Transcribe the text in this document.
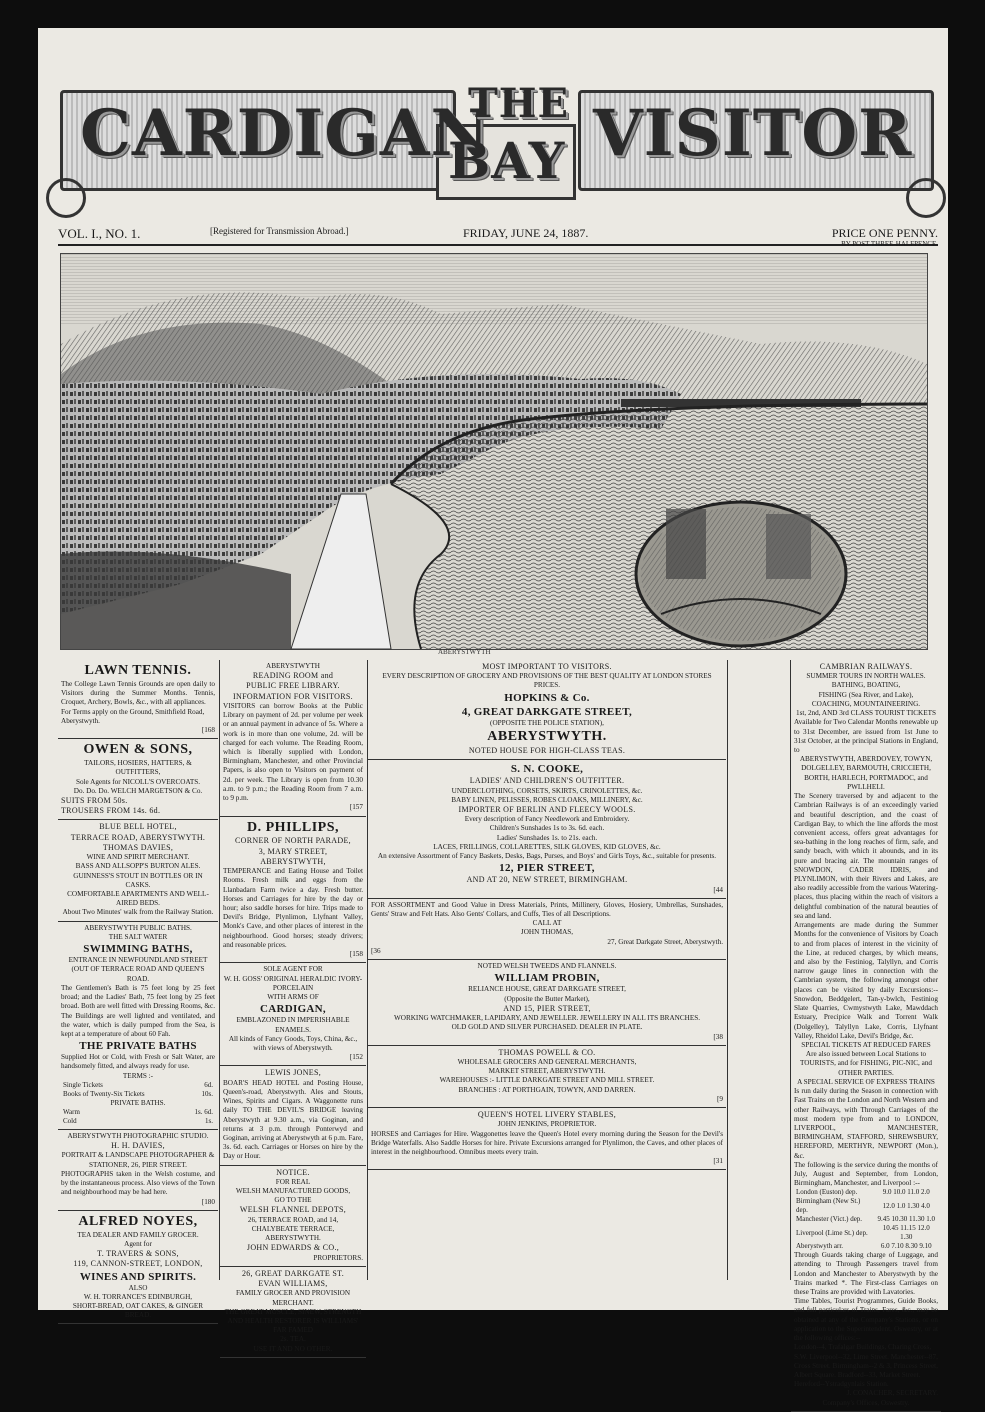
CARDIGAN
THE
BAY VISITOR
VOL. I., NO. 1.	[Registered for Transmission Abroad.]	FRIDAY, JUNE 24, 1887.	PRICE ONE PENNY.
BY POST THREE-HALFPENCE.
ABERYSTWYTH
LAWN TENNIS.

The College Lawn Tennis Grounds are open daily to Visitors during the Summer Months. Tennis, Croquet, Archery, Bowls, &c., with all appliances.

For Terms apply on the Ground, Smithfield Road, Aberystwyth.

[168

OWEN & SONS,

TAILORS, HOSIERS, HATTERS, & OUTFITTERS,

Sole Agents for NICOLL'S OVERCOATS.

Do. Do. Do. WELCH MARGETSON & Co.

SUITS FROM 50s.

TROUSERS FROM 14s. 6d.

BLUE BELL HOTEL,

TERRACE ROAD, ABERYSTWYTH.

THOMAS DAVIES,

WINE AND SPIRIT MERCHANT.

BASS AND ALLSOPP'S BURTON ALES. GUINNESS'S STOUT IN BOTTLES OR IN CASKS.

COMFORTABLE APARTMENTS AND WELL-AIRED BEDS.

About Two Minutes' walk from the Railway Station.

ABERYSTWYTH PUBLIC BATHS.

THE SALT WATER

SWIMMING BATHS,

ENTRANCE IN NEWFOUNDLAND STREET (OUT OF TERRACE ROAD AND QUEEN'S ROAD.

The Gentlemen's Bath is 75 feet long by 25 feet broad; and the Ladies' Bath, 75 feet long by 25 feet broad. Both are well fitted with Dressing Rooms, &c. The Buildings are well lighted and ventilated, and the water, which is daily pumped from the Sea, is kept at a temperature of about 60 Fah.

THE PRIVATE BATHS

Supplied Hot or Cold, with Fresh or Salt Water, are handsomely fitted, and always ready for use.

TERMS :-

Single Tickets	6d.
Books of Twenty-Six Tickets	10s.

PRIVATE BATHS.

Warm	1s. 6d.
Cold	1s.

ABERYSTWYTH PHOTOGRAPHIC STUDIO.

H. H. DAVIES,

PORTRAIT & LANDSCAPE PHOTOGRAPHER & STATIONER, 26, PIER STREET.

PHOTOGRAPHS taken in the Welsh costume, and by the instantaneous process. Also views of the Town and neighbourhood may be had here.

[180

ALFRED NOYES,

TEA DEALER AND FAMILY GROCER.

Agent for

T. TRAVERS & SONS,

119, CANNON-STREET, LONDON,

WINES AND SPIRITS.

ALSO

W. H. TORRANCE'S EDINBURGH,

SHORT-BREAD, OAT CAKES, & GINGER BREAD.

ABERYSTWYTH

READING ROOM and

PUBLIC FREE LIBRARY.

INFORMATION FOR VISITORS.

VISITORS can borrow Books at the Public Library on payment of 2d. per volume per week or an annual payment in advance of 5s. Where a work is in more than one volume, 2d. will be charged for each volume. The Reading Room, which is liberally supplied with London, Birmingham, Manchester, and other Provincial Papers, is also open to Visitors on payment of 2d. per week. The Library is open from 10.30 a.m. to 9 p.m.; the Reading Room from 7 a.m. to 9 p.m.

[157

D. PHILLIPS,

CORNER OF NORTH PARADE,

3, MARY STREET,

ABERYSTWYTH,

TEMPERANCE and Eating House and Toilet Rooms. Fresh milk and eggs from the Llanbadarn Farm twice a day. Fresh butter. Horses and Carriages for hire by the day or hour; also saddle horses for hire. Trips made to Devil's Bridge, Plynlimon, Llyfnant Valley, Monk's Cave, and other places of interest in the neighbourhood. Good horses; steady drivers; and reasonable prices.

[158

SOLE AGENT FOR

W. H. GOSS' ORIGINAL HERALDIC IVORY-PORCELAIN

WITH ARMS OF

CARDIGAN,

EMBLAZONED IN IMPERISHABLE ENAMELS.

All kinds of Fancy Goods, Toys, China, &c., with views of Aberystwyth.

[152

LEWIS JONES,

BOAR'S HEAD HOTEL and Posting House, Queen's-road, Aberystwyth. Ales and Stouts, Wines, Spirits and Cigars. A Waggonette runs daily TO THE DEVIL'S BRIDGE leaving Aberystwyth at 9.30 a.m., via Goginan, and returns at 3 p.m. through Ponterwyd and Goginan, arriving at Aberystwyth at 6 p.m. Fare, 3s. 6d. each. Carriages or Horses on hire by the Day or Hour.

NOTICE.

FOR REAL

WELSH MANUFACTURED GOODS,

GO TO THE

WELSH FLANNEL DEPOTS,

26, TERRACE ROAD, and 14,

CHALYBEATE TERRACE,

ABERYSTWYTH.

JOHN EDWARDS & CO.,

PROPRIETORS.

26, GREAT DARKGATE ST.

EVAN WILLIAMS,

FAMILY GROCER AND PROVISION MERCHANT.

THE GREAT MUSCLE, SINEW, STRENGTH AND HEALTH RESTORER IS WILLIAMS' FAR FAMED

2s. TEA.

USE IT AND NO OTHER.

MOST IMPORTANT TO VISITORS.

EVERY DESCRIPTION OF GROCERY AND PROVISIONS OF THE BEST QUALITY AT LONDON STORES PRICES.

HOPKINS & Co.
4, GREAT DARKGATE STREET,

(OPPOSITE THE POLICE STATION),

ABERYSTWYTH.

NOTED HOUSE FOR HIGH-CLASS TEAS.

S. N. COOKE,

LADIES' AND CHILDREN'S OUTFITTER.

UNDERCLOTHING, CORSETS, SKIRTS, CRINOLETTES, &c.

BABY LINEN, PELISSES, ROBES CLOAKS, MILLINERY, &c.

IMPORTER OF BERLIN AND FLEECY WOOLS.

Every description of Fancy Needlework and Embroidery.

Children's Sunshades 1s to 3s. 6d. each.

Ladies' Sunshades 1s. to 21s. each.

LACES, FRILLINGS, COLLARETTES, SILK GLOVES, KID GLOVES, &c.

An extensive Assortment of Fancy Baskets, Desks, Bags, Purses, and Boys' and Girls Toys, &c., suitable for presents.

12, PIER STREET,

AND AT 20, NEW STREET, BIRMINGHAM.

[44

FOR ASSORTMENT and Good Value in Dress Materials, Prints, Millinery, Gloves, Hosiery, Umbrellas, Sunshades, Gents' Straw and Felt Hats. Also Gents' Collars, and Cuffs, Ties of all Descriptions.

CALL AT

JOHN THOMAS,

27, Great Darkgate Street, Aberystwyth.

[36

NOTED WELSH TWEEDS AND FLANNELS.

WILLIAM PROBIN,

RELIANCE HOUSE, GREAT DARKGATE STREET,

(Opposite the Butter Market),

AND 15, PIER STREET,

WORKING WATCHMAKER, LAPIDARY, AND JEWELLER. JEWELLERY IN ALL ITS BRANCHES.

OLD GOLD AND SILVER PURCHASED. DEALER IN PLATE.

[38

THOMAS POWELL & CO.

WHOLESALE GROCERS AND GENERAL MERCHANTS,

MARKET STREET, ABERYSTWYTH.

WAREHOUSES :- LITTLE DARKGATE STREET AND MILL STREET.

BRANCHES : AT PORTHGAIN, TOWYN, AND DARREN.

[9

QUEEN'S HOTEL LIVERY STABLES,

JOHN JENKINS, PROPRIETOR.

HORSES and Carriages for Hire. Waggonettes leave the Queen's Hotel every morning during the Season for the Devil's Bridge Waterfalls. Also Saddle Horses for hire. Private Excursions arranged for Plynlimon, the Caves, and other places of interest in the neighbourhood. Omnibus meets every train.

[31

CAMBRIAN RAILWAYS.

SUMMER TOURS IN NORTH WALES.

BATHING, BOATING,

FISHING (Sea River, and Lake),

COACHING, MOUNTAINEERING.

1st, 2nd, AND 3rd CLASS TOURIST TICKETS

Available for Two Calendar Months renewable up to 31st December, are issued from 1st June to 31st October, at the principal Stations in England, to

ABERYSTWYTH, ABERDOVEY, TOWYN, DOLGELLEY, BARMOUTH, CRICCIETH, BORTH, HARLECH, PORTMADOC, and PWLLHELI.

The Scenery traversed by and adjacent to the Cambrian Railways is of an exceedingly varied and beautiful description, and the coast of Cardigan Bay, to which the line affords the most convenient access, offers great advantages for sea-bathing in the long reaches of firm, safe, and sandy beach, with which it abounds, and in its pure and bracing air. The mountain ranges of SNOWDON, CADER IDRIS, and PLYNLIMON, with their Rivers and Lakes, are also readily accessible from the various Watering-places, thus placing within the reach of visitors a delightful combination of the natural beauties of sea and land.

Arrangements are made during the Summer Months for the convenience of Visitors by Coach to and from places of interest in the vicinity of the Line, at reduced charges, by which means, and also by the Festiniog, Talyllyn, and Corris narrow gauge lines in connection with the Cambrian system, the following amongst other places can be visited by daily Excursions:-- Snowdon, Beddgelert, Tan-y-bwlch, Festiniog Slate Quarries, Cwmystwyth Lake, Mawddach Estuary, Precipice Walk and Torrent Walk (Dolgelley), Talyllyn Lake, Corris, Llyfnant Valley, Rheidol Lake, Devil's Bridge, &c.

SPECIAL TICKETS AT REDUCED FARES

Are also issued between Local Stations to TOURISTS, and for FISHING, PIC-NIC, and OTHER PARTIES.

A SPECIAL SERVICE OF EXPRESS TRAINS

Is run daily during the Season in connection with Fast Trains on the London and North Western and other Railways, with Through Carriages of the most modern type from and to LONDON, LIVERPOOL, MANCHESTER, BIRMINGHAM, STAFFORD, SHREWSBURY, HEREFORD, MERTHYR, NEWPORT (Mon.), &c.

The following is the service during the months of July, August and September, from London, Birmingham, Manchester, and Liverpool :--

London (Euston) dep.	9.0 10.0 11.0 2.0
Birmingham (New St.) dep.	12.0 1.0 1.30 4.0
Manchester (Vict.) dep.	9.45 10.30 11.30 1.0
Liverpool (Lime St.) dep.	10.45 11.15 12.0 1.30
Aberystwyth arr.	6.0 7.10 8.30 9.10

Through Guards taking charge of Luggage, and attending to Through Passengers travel from London and Manchester to Aberystwyth by the Trains marked *. The First-class Carriages on these Trains are provided with Lavatories.

Time Tables, Tourist Programmes, Guide Books, and full particulars of Trains, Fares, &c., may be obtained at any of the Company's Stations, or on application to the Superintendent, Oswestry, or at the following offices:--

London--4, Trafalgar Buildings, Charing Cross, S.W. Liverpool--32, Lime Street. Manchester--87, Cross Street. Birmingham--2 & 3, Princess Street, Albert Square. Bradford--33, Market Street. Hereford--Ystradgynlais Station.

J. CONACHER, SECRETARY.

Company's Offices, Oswestry.
